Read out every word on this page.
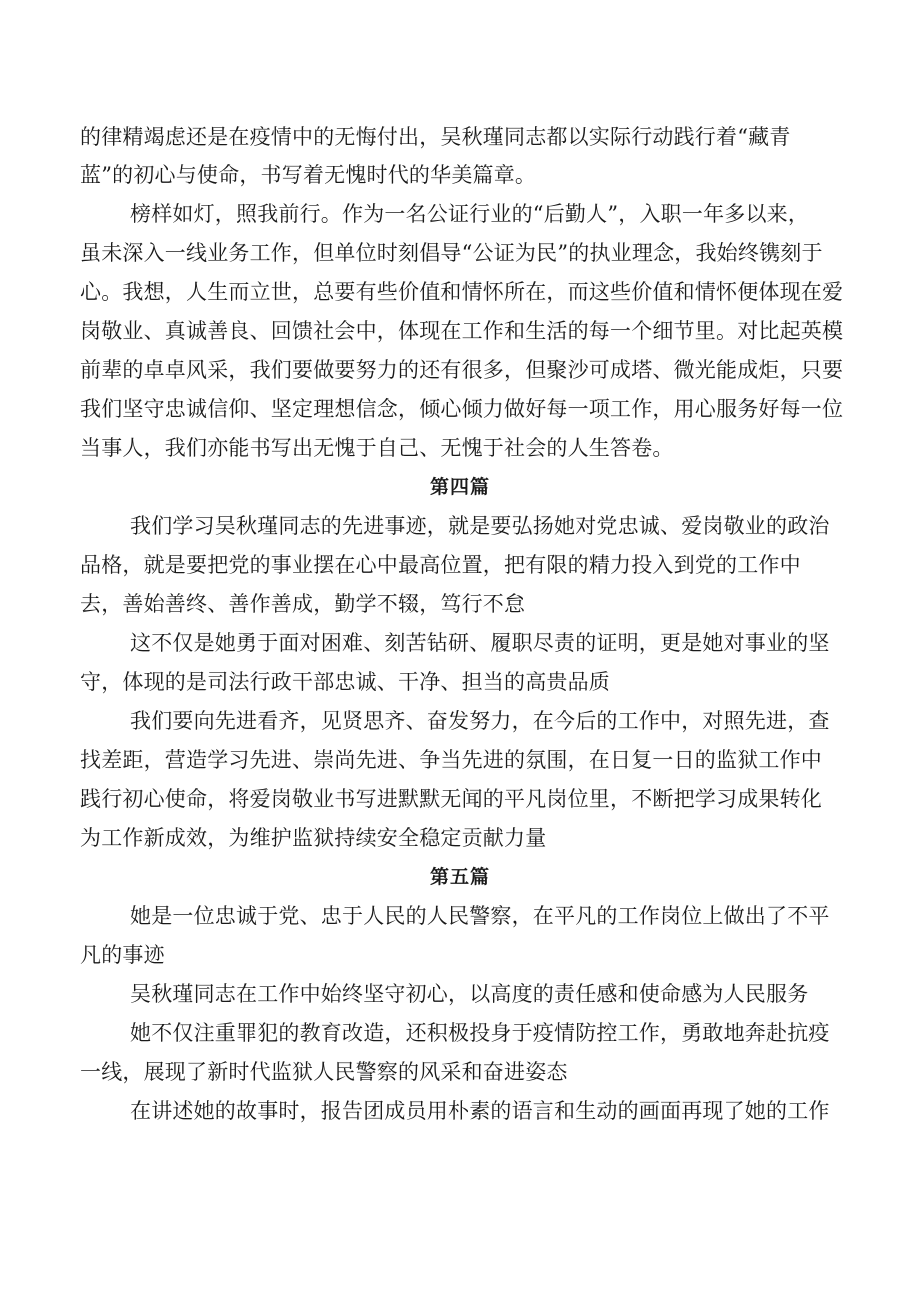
的律精竭虑还是在疫情中的无悔付出，吴秋瑾同志都以实际行动践行着“藏青
蓝”的初心与使命，书写着无愧时代的华美篇章。
榜样如灯，照我前行。作为一名公证行业的“后勤人”，入职一年多以来，
虽未深入一线业务工作，但单位时刻倡导“公证为民”的执业理念，我始终镌刻于
心。我想，人生而立世，总要有些价值和情怀所在，而这些价值和情怀便体现在爱
岗敬业、真诚善良、回馈社会中，体现在工作和生活的每一个细节里。对比起英模
前辈的卓卓风采，我们要做要努力的还有很多，但聚沙可成塔、微光能成炬，只要
我们坚守忠诚信仰、坚定理想信念，倾心倾力做好每一项工作，用心服务好每一位
当事人，我们亦能书写出无愧于自己、无愧于社会的人生答卷。
第四篇
我们学习吴秋瑾同志的先进事迹，就是要弘扬她对党忠诚、爱岗敬业的政治
品格，就是要把党的事业摆在心中最高位置，把有限的精力投入到党的工作中
去，善始善终、善作善成，勤学不辍，笃行不怠
这不仅是她勇于面对困难、刻苦钻研、履职尽责的证明，更是她对事业的坚
守，体现的是司法行政干部忠诚、干净、担当的高贵品质
我们要向先进看齐，见贤思齐、奋发努力，在今后的工作中，对照先进，查
找差距，营造学习先进、崇尚先进、争当先进的氛围，在日复一日的监狱工作中
践行初心使命，将爱岗敬业书写进默默无闻的平凡岗位里，不断把学习成果转化
为工作新成效，为维护监狱持续安全稳定贡献力量
第五篇
她是一位忠诚于党、忠于人民的人民警察，在平凡的工作岗位上做出了不平
凡的事迹
吴秋瑾同志在工作中始终坚守初心，以高度的责任感和使命感为人民服务
她不仅注重罪犯的教育改造，还积极投身于疫情防控工作，勇敢地奔赴抗疫
一线，展现了新时代监狱人民警察的风采和奋进姿态
在讲述她的故事时，报告团成员用朴素的语言和生动的画面再现了她的工作
